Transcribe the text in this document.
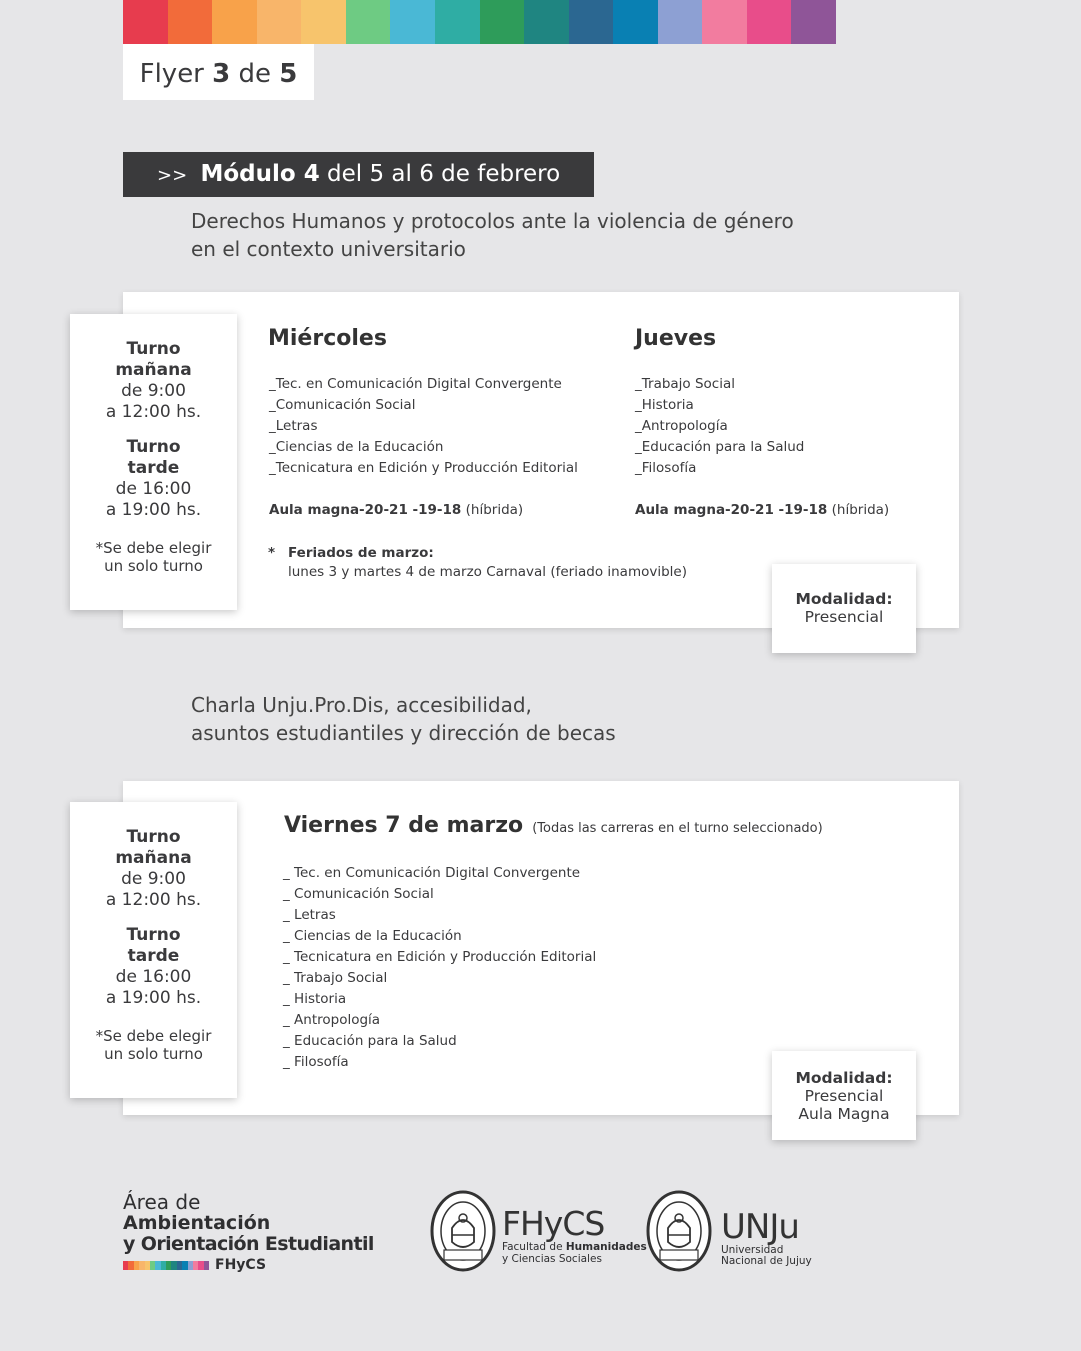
Flyer 3 de 5
>> Módulo 4 del 5 al 6 de febrero
Derechos Humanos y protocolos ante la violencia de género
en el contexto universitario
Miércoles
_Tec. en Comunicación Digital Convergente
_Comunicación Social
_Letras
_Ciencias de la Educación
_Tecnicatura en Edición y Producción Editorial
Aula magna-20-21 -19-18 (híbrida)
Jueves
_Trabajo Social
_Historia
_Antropología
_Educación para la Salud
_Filosofía
Aula magna-20-21 -19-18 (híbrida)
* Feriados de marzo:
lunes 3 y martes 4 de marzo Carnaval (feriado inamovible)
Turno
mañana
de 9:00
a 12:00 hs.
Turno
tarde
de 16:00
a 19:00 hs.
*Se debe elegir
un solo turno
Modalidad:
Presencial
Charla Unju.Pro.Dis, accesibilidad,
asuntos estudiantiles y dirección de becas
Viernes 7 de marzo (Todas las carreras en el turno seleccionado)
_ Tec. en Comunicación Digital Convergente
_ Comunicación Social
_ Letras
_ Ciencias de la Educación
_ Tecnicatura en Edición y Producción Editorial
_ Trabajo Social
_ Historia
_ Antropología
_ Educación para la Salud
_ Filosofía
Turno
mañana
de 9:00
a 12:00 hs.
Turno
tarde
de 16:00
a 19:00 hs.
*Se debe elegir
un solo turno
Modalidad:
Presencial
Aula Magna
Área de
Ambientación
y Orientación Estudiantil
FHyCS
FHyCS
Facultad de Humanidades
y Ciencias Sociales
UNJu
Universidad
Nacional de Jujuy
